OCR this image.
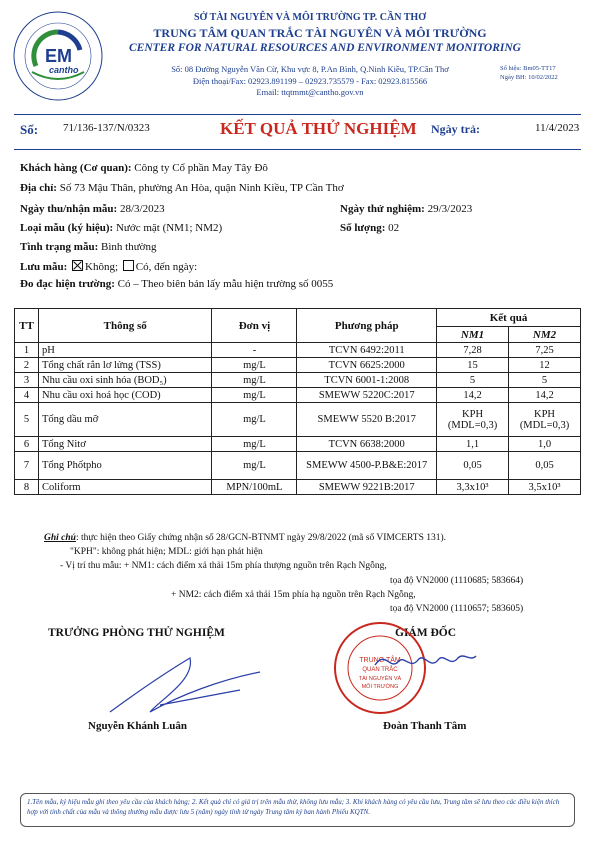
EM
cantho
SỞ TÀI NGUYÊN VÀ MÔI TRƯỜNG TP. CẦN THƠ
TRUNG TÂM QUAN TRẮC TÀI NGUYÊN VÀ MÔI TRƯỜNG
CENTER FOR NATURAL RESOURCES AND ENVIRONMENT MONITORING
Số: 08 Đường Nguyễn Văn Cừ, Khu vực 8, P.An Bình, Q.Ninh Kiều, TP.Cần Thơ
Điện thoại/Fax: 02923.891199 – 02923.735579 - Fax: 02923.815566
Email: ttqtmmt@cantho.gov.vn
Số hiệu: Bm05-TT17
Ngày BH: 10/02/2022
Số: 71/136-137/N/0323	KẾT QUẢ THỬ NGHIỆM Ngày trả:	11/4/2023
Khách hàng (Cơ quan): Công ty Cổ phần May Tây Đô
Địa chỉ: Số 73 Mậu Thân, phường An Hòa, quận Ninh Kiều, TP Cần Thơ
Ngày thu/nhận mẫu: 28/3/2023	Ngày thử nghiệm: 29/3/2023
Loại mẫu (ký hiệu): Nước mặt (NM1; NM2)	Số lượng: 02
Tình trạng mẫu: Bình thường
Lưu mẫu: Không; Có, đến ngày:
Đo đạc hiện trường: Có – Theo biên bản lấy mẫu hiện trường số 0055
TT	Thông số	Đơn vị	Phương pháp	Kết quả	
				NM1	NM2
1	pH	-	TCVN 6492:2011	7,28	7,25
2	Tổng chất rắn lơ lửng (TSS)	mg/L	TCVN 6625:2000	15	12
3	Nhu cầu oxi sinh hóa (BOD₅)	mg/L	TCVN 6001-1:2008	5	5
4	Nhu cầu oxi hoá học (COD)	mg/L	SMEWW 5220C:2017	14,2	14,2
5	Tổng dầu mỡ	mg/L	SMEWW 5520 B:2017	KPH (MDL=0,3)	KPH (MDL=0,3)
6	Tổng Nitơ	mg/L	TCVN 6638:2000	1,1	1,0
7	Tổng Phốtpho	mg/L	SMEWW 4500-P.B&E:2017	0,05	0,05
8	Coliform	MPN/100mL	SMEWW 9221B:2017	3,3x10³	3,5x10³
Ghi chú: thực hiện theo Giấy chứng nhận số 28/GCN-BTNMT ngày 29/8/2022 (mã số VIMCERTS 131).
"KPH": không phát hiện; MDL: giới hạn phát hiện
- Vị trí thu mẫu: + NM1: cách điểm xả thải 15m phía thượng nguồn trên Rạch Ngỗng,
tọa độ VN2000 (1110685; 583664)
+ NM2: cách điểm xả thải 15m phía hạ nguồn trên Rạch Ngỗng,
tọa độ VN2000 (1110657; 583605)
TRƯỞNG PHÒNG THỬ NGHIỆM
Nguyễn Khánh Luân
GIÁM ĐỐC
TRUNG TÂM
QUAN TRẮC
TÀI NGUYÊN VÀ
MÔI TRƯỜNG
Đoàn Thanh Tâm
1.Tên mẫu, ký hiệu mẫu ghi theo yêu cầu của khách hàng; 2. Kết quả chỉ có giá trị trên mẫu thử, không lưu mẫu; 3. Khi khách hàng có yêu cầu lưu, Trung tâm sẽ lưu theo các điều kiện thích hợp với tính chất của mẫu và thông thường mẫu được lưu 5 (năm) ngày tính từ ngày Trung tâm ký ban hành Phiếu KQTN.
